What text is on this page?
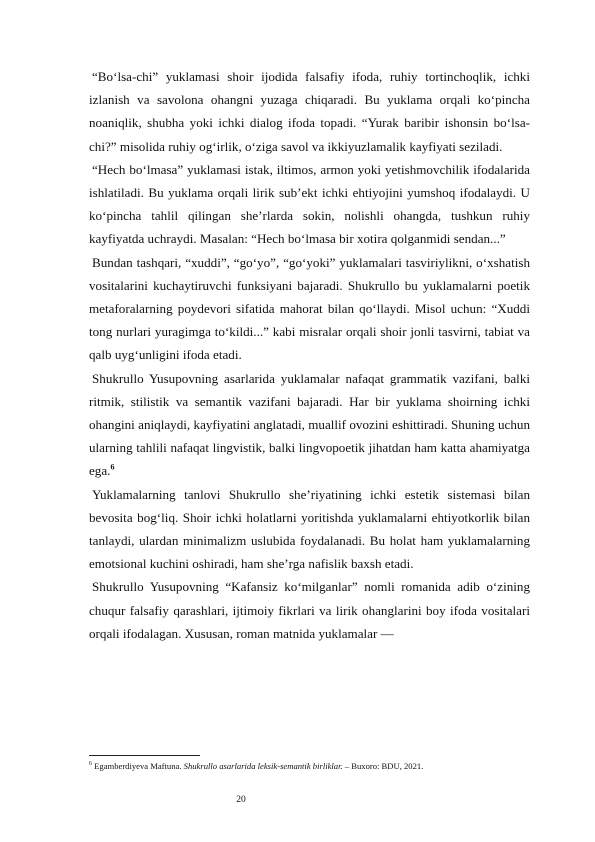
“Bo‘lsa-chi” yuklamasi shoir ijodida falsafiy ifoda, ruhiy tortinchoqlik, ichki izlanish va savolona ohangni yuzaga chiqaradi. Bu yuklama orqali ko‘pincha noaniqlik, shubha yoki ichki dialog ifoda topadi. “Yurak baribir ishonsin bo‘lsa-chi?” misolida ruhiy og‘irlik, o‘ziga savol va ikkiyuzlamalik kayfiyati seziladi.

“Hech bo‘lmasa” yuklamasi istak, iltimos, armon yoki yetishmovchilik ifodalarida ishlatiladi. Bu yuklama orqali lirik sub’ekt ichki ehtiyojini yumshoq ifodalaydi. U ko‘pincha tahlil qilingan she’rlarda sokin, nolishli ohangda, tushkun ruhiy kayfiyatda uchraydi. Masalan: “Hech bo‘lmasa bir xotira qolganmidi sendan...”

Bundan tashqari, “xuddi”, “go‘yo”, “go‘yoki” yuklamalari tasviriylikni, o‘xshatish vositalarini kuchaytiruvchi funksiyani bajaradi. Shukrullo bu yuklamalarni poetik metaforalarning poydevori sifatida mahorat bilan qo‘llaydi. Misol uchun: “Xuddi tong nurlari yuragimga to‘kildi...” kabi misralar orqali shoir jonli tasvirni, tabiat va qalb uyg‘unligini ifoda etadi.

Shukrullo Yusupovning asarlarida yuklamalar nafaqat grammatik vazifani, balki ritmik, stilistik va semantik vazifani bajaradi. Har bir yuklama shoirning ichki ohangini aniqlaydi, kayfiyatini anglatadi, muallif ovozini eshittiradi. Shuning uchun ularning tahlili nafaqat lingvistik, balki lingvopoetik jihatdan ham katta ahamiyatga ega.$^6$

Yuklamalarning tanlovi Shukrullo she’riyatining ichki estetik sistemasi bilan bevosita bog‘liq. Shoir ichki holatlarni yoritishda yuklamalarni ehtiyotkorlik bilan tanlaydi, ulardan minimalizm uslubida foydalanadi. Bu holat ham yuklamalarning emotsional kuchini oshiradi, ham she’rga nafislik baxsh etadi.

Shukrullo Yusupovning “Kafansiz ko‘milganlar” nomli romanida adib o‘zining chuqur falsafiy qarashlari, ijtimoiy fikrlari va lirik ohanglarini boy ifoda vositalari orqali ifodalagan. Xususan, roman matnida yuklamalar —

$^6$ Egamberdiyeva Maftuna. Shukrullo asarlarida leksik-semantik birliklar. – Buxoro: BDU, 2021.
20
